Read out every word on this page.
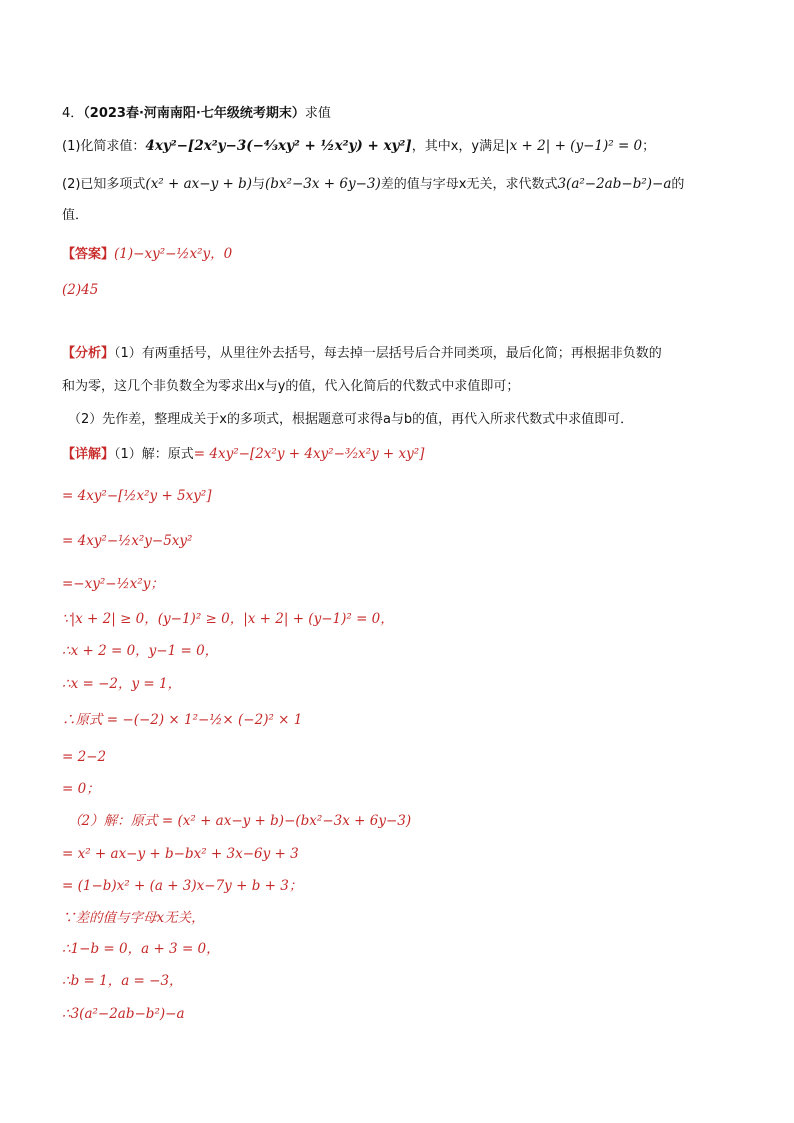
4．（2023春·河南南阳·七年级统考期末）求值
(1)化简求值：4xy²−[2x²y−3(−⁴⁄₃xy² + ½x²y) + xy²]，其中x，y满足|x + 2| + (y−1)² = 0；
(2)已知多项式(x² + ax−y + b)与(bx²−3x + 6y−3)差的值与字母x无关，求代数式3(a²−2ab−b²)−a的
值．
【答案】(1)−xy²−½x²y，0
(2)45
【分析】（1）有两重括号，从里往外去括号，每去掉一层括号后合并同类项，最后化简；再根据非负数的
和为零，这几个非负数全为零求出x与y的值，代入化简后的代数式中求值即可；
（2）先作差，整理成关于x的多项式，根据题意可求得a与b的值，再代入所求代数式中求值即可．
【详解】（1）解：原式= 4xy²−[2x²y + 4xy²−³⁄₂x²y + xy²]
= 4xy²−[½x²y + 5xy²]
= 4xy²−½x²y−5xy²
=−xy²−½x²y；
∵|x + 2| ≥ 0，(y−1)² ≥ 0，|x + 2| + (y−1)² = 0，
∴x + 2 = 0，y−1 = 0，
∴x = −2，y = 1，
∴原式 = −(−2) × 1²−½× (−2)² × 1
= 2−2
= 0；
（2）解：原式 = (x² + ax−y + b)−(bx²−3x + 6y−3)
= x² + ax−y + b−bx² + 3x−6y + 3
= (1−b)x² + (a + 3)x−7y + b + 3；
∵差的值与字母x无关，
∴1−b = 0，a + 3 = 0，
∴b = 1，a = −3，
∴3(a²−2ab−b²)−a
